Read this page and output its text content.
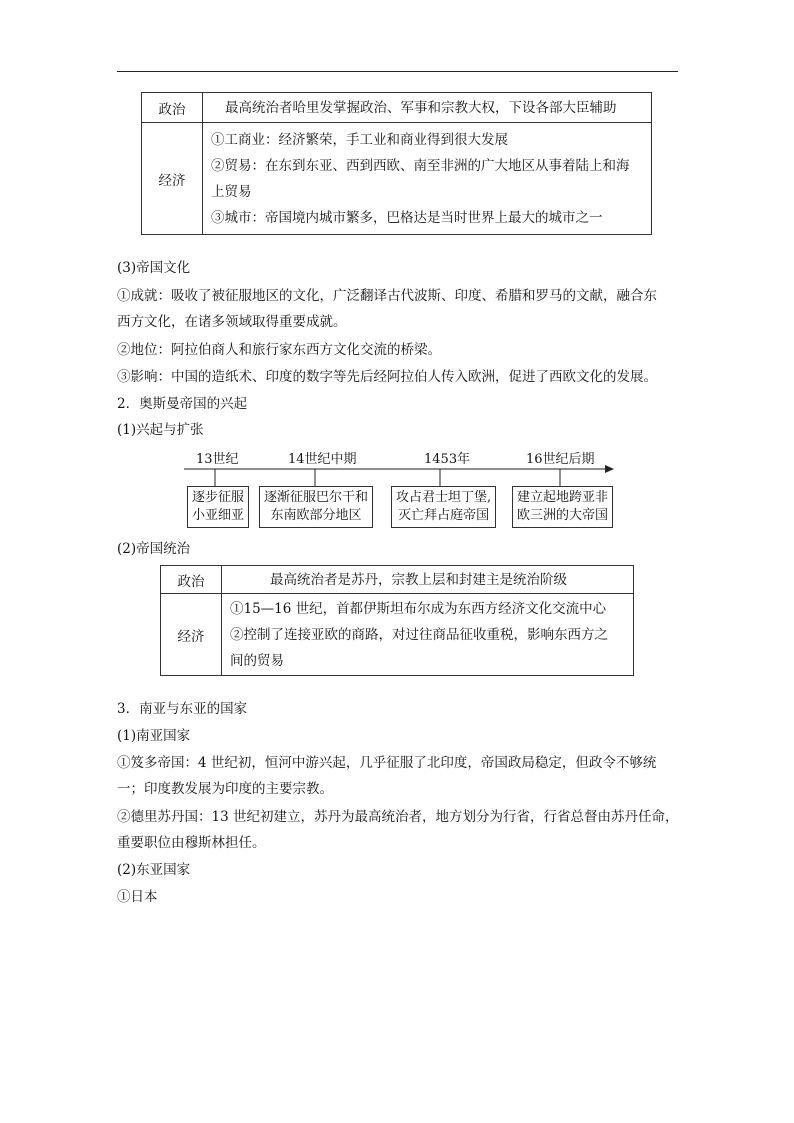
政治	最高统治者哈里发掌握政治、军事和宗教大权，下设各部大臣辅助

经济	①工商业：经济繁荣，手工业和商业得到很大发展
②贸易：在东到东亚、西到西欧、南至非洲的广大地区从事着陆上和海
上贸易
③城市：帝国境内城市繁多，巴格达是当时世界上最大的城市之一
(3)帝国文化
①成就：吸收了被征服地区的文化，广泛翻译古代波斯、印度、希腊和罗马的文献，融合东
西方文化，在诸多领域取得重要成就。
②地位：阿拉伯商人和旅行家东西方文化交流的桥梁。
③影响：中国的造纸术、印度的数字等先后经阿拉伯人传入欧洲，促进了西欧文化的发展。
2．奥斯曼帝国的兴起
(1)兴起与扩张
13世纪	14世纪中期	1453年	16世纪后期
逐步征服
小亚细亚
逐渐征服巴尔干和
东南欧部分地区
攻占君士坦丁堡,
灭亡拜占庭帝国
建立起地跨亚非
欧三洲的大帝国
(2)帝国统治
政治	最高统治者是苏丹，宗教上层和封建主是统治阶级

经济	①15—16 世纪，首都伊斯坦布尔成为东西方经济文化交流中心
②控制了连接亚欧的商路，对过往商品征收重税，影响东西方之
间的贸易
3．南亚与东亚的国家
(1)南亚国家
①笈多帝国：4 世纪初，恒河中游兴起，几乎征服了北印度，帝国政局稳定，但政令不够统
一；印度教发展为印度的主要宗教。
②德里苏丹国：13 世纪初建立，苏丹为最高统治者，地方划分为行省，行省总督由苏丹任命，
重要职位由穆斯林担任。
(2)东亚国家
①日本
